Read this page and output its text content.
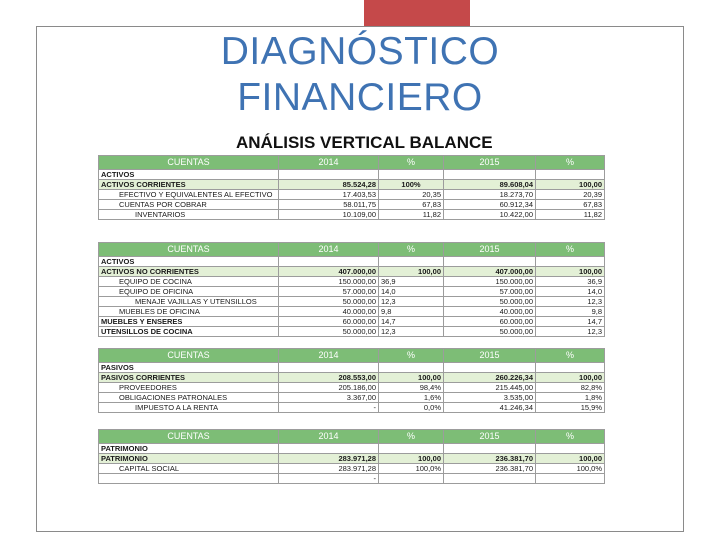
DIAGNÓSTICO
FINANCIERO
ANÁLISIS VERTICAL BALANCE
CUENTAS	2014	%	2015	%
ACTIVOS				
ACTIVOS CORRIENTES	85.524,28	100%	89.608,04	100,00
EFECTIVO Y EQUIVALENTES AL EFECTIVO	17.403,53	20,35	18.273,70	20,39
CUENTAS POR COBRAR	58.011,75	67,83	60.912,34	67,83
INVENTARIOS	10.109,00	11,82	10.422,00	11,82
CUENTAS	2014	%	2015	%
ACTIVOS				
ACTIVOS NO CORRIENTES	407.000,00	100,00	407.000,00	100,00
EQUIPO DE COCINA	150.000,00	36,9	150.000,00	36,9
EQUIPO DE OFICINA	57.000,00	14,0	57.000,00	14,0
MENAJE VAJILLAS Y UTENSILLOS	50.000,00	12,3	50.000,00	12,3
MUEBLES DE OFICINA	40.000,00	9,8	40.000,00	9,8
MUEBLES Y ENSERES	60.000,00	14,7	60.000,00	14,7
UTENSILLOS DE COCINA	50.000,00	12,3	50.000,00	12,3
CUENTAS	2014	%	2015	%
PASIVOS				
PASIVOS CORRIENTES	208.553,00	100,00	260.226,34	100,00
PROVEEDORES	205.186,00	98,4%	215.445,00	82,8%
OBLIGACIONES PATRONALES	3.367,00	1,6%	3.535,00	1,8%
IMPUESTO A LA RENTA	-	0,0%	41.246,34	15,9%
CUENTAS	2014	%	2015	%
PATRIMONIO				
PATRIMONIO	283.971,28	100,00	236.381,70	100,00
CAPITAL SOCIAL	283.971,28	100,0%	236.381,70	100,0%
	-			
